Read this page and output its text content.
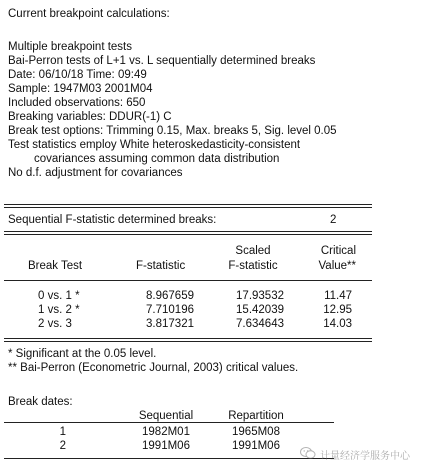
Current breakpoint calculations:
Multiple breakpoint tests
Bai-Perron tests of L+1 vs. L sequentially determined breaks
Date: 06/10/18 Time: 09:49
Sample: 1947M03 2001M04
Included observations: 650
Breaking variables: DDUR(-1) C
Break test options: Trimming 0.15, Max. breaks 5, Sig. level 0.05
Test statistics employ White heteroskedasticity-consistent
covariances assuming common data distribution
No d.f. adjustment for covariances
Sequential F-statistic determined breaks:	2
Scaled	Critical
Break Test	F-statistic	F-statistic	Value**
0 vs. 1 *	8.967659	17.93532	11.47
1 vs. 2 *	7.710196	15.42039	12.95
2 vs. 3	3.817321	7.634643	14.03
* Significant at the 0.05 level.
** Bai-Perron (Econometric Journal, 2003) critical values.
Break dates:
Sequential	Repartition
1	1982M01	1965M08
2	1991M06	1991M06
计量经济学服务中心
